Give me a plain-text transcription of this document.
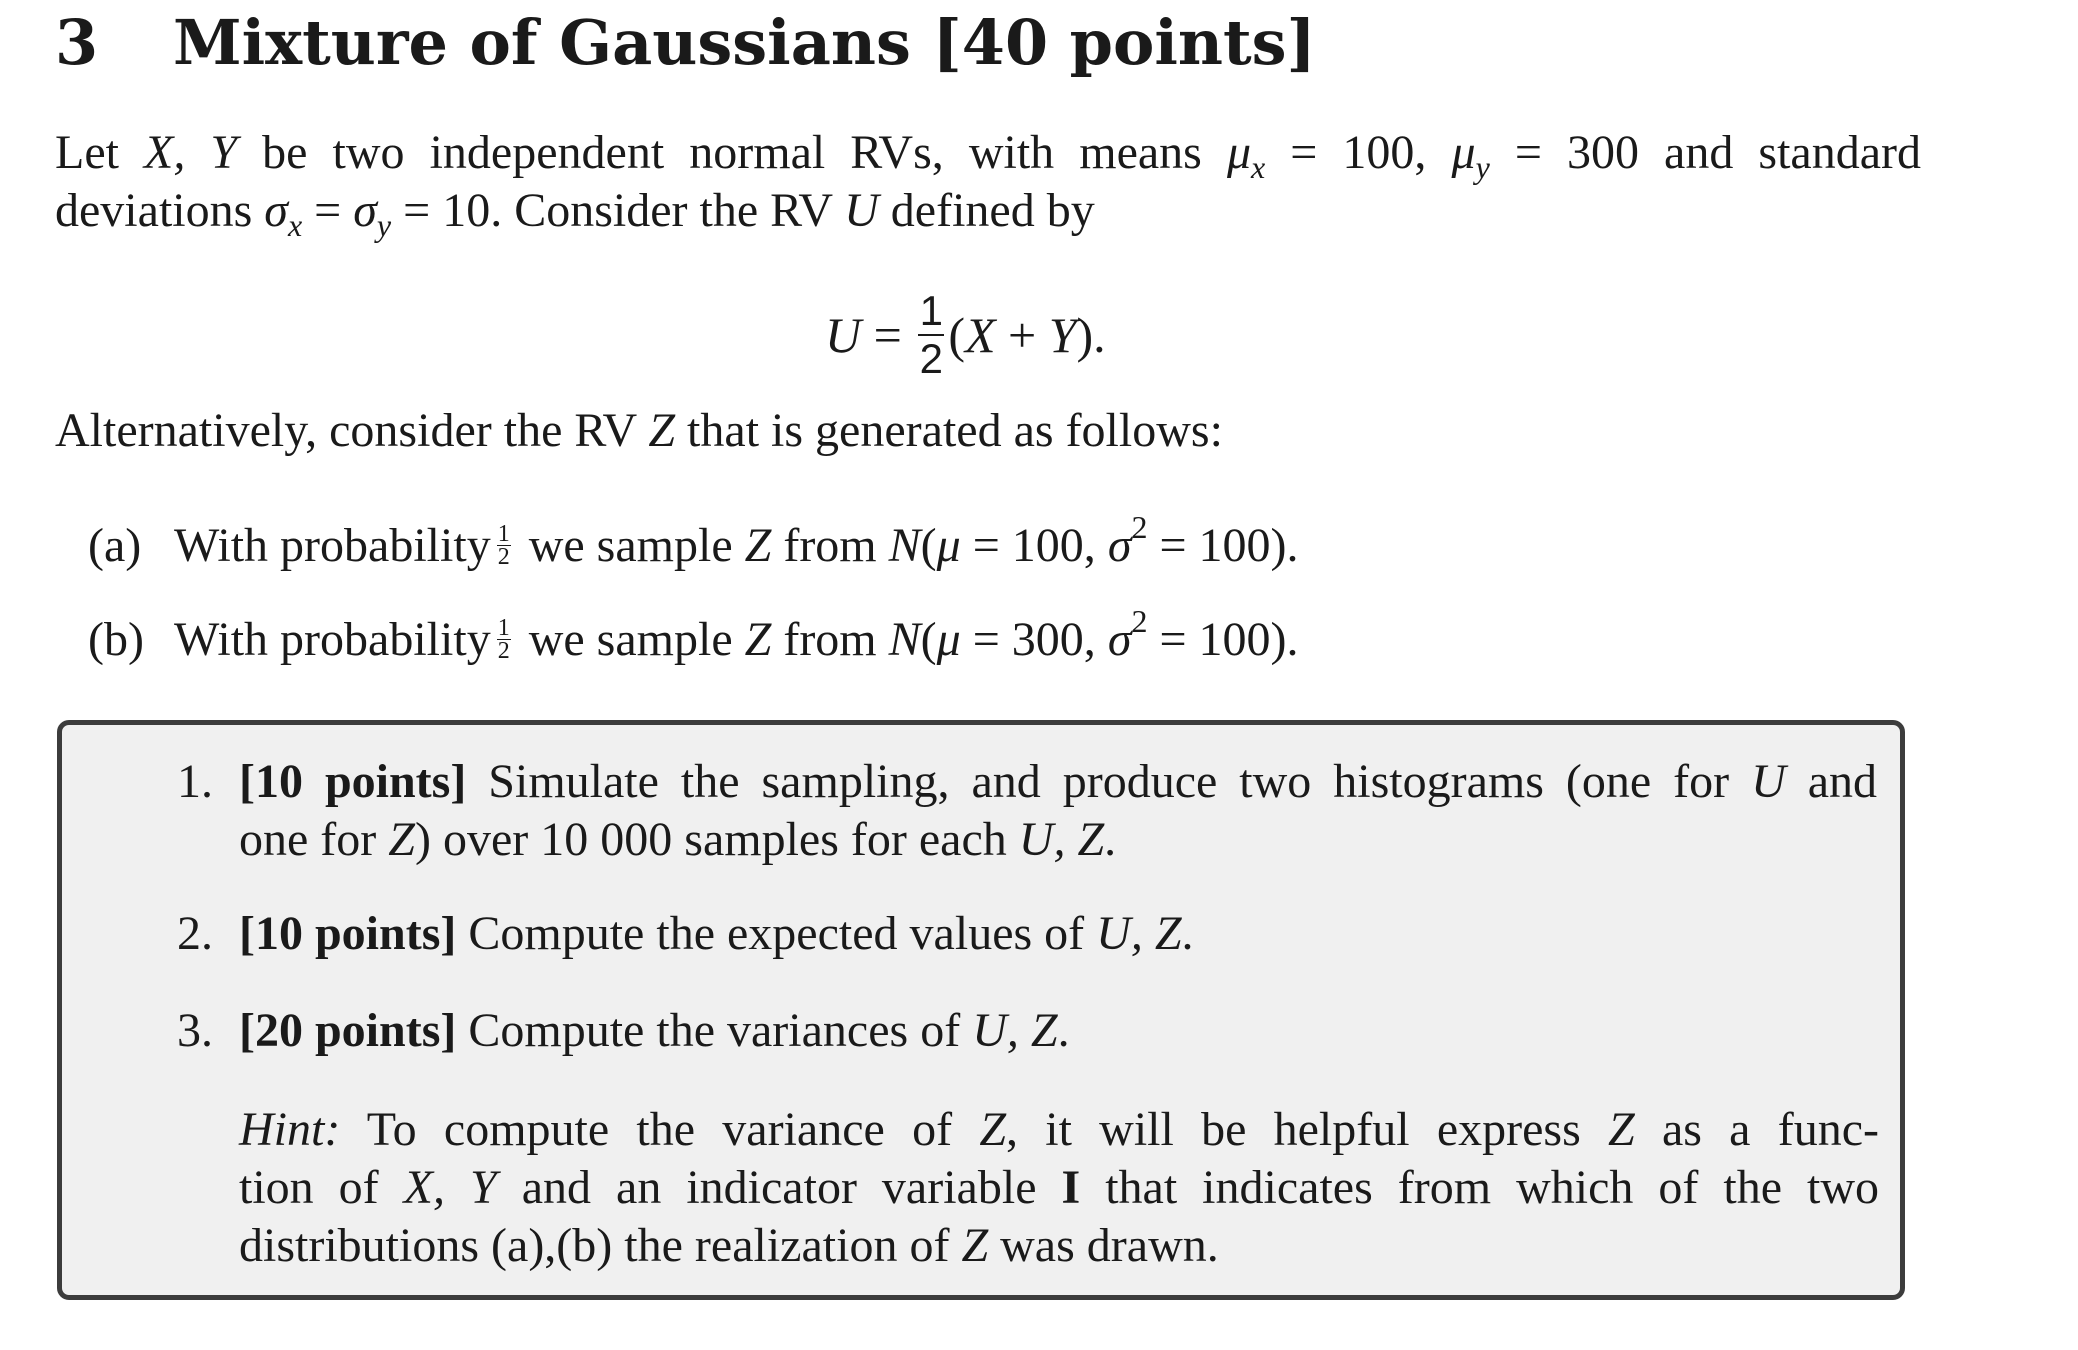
3	Mixture of Gaussians [40 points]
Let X, Y be two independent normal RVs, with means $\mu_x = 100$, $\mu_y = 300$ and standard
deviations $\sigma_x = \sigma_y = 10$. Consider the RV U defined by
$U = \frac{1}{2}$ ( X + Y ).
Alternatively, consider the RV Z that is generated as follows:
(a) With probability $\frac{1}{2}$ we sample Z from N ( μ = 100, σ 2 = 100).
(b) With probability $\frac{1}{2}$ we sample Z from N ( μ = 300, σ 2 = 100).
1. [10 points] Simulate the sampling, and produce two histograms (one for U and
one for Z) over 10 000 samples for each U, Z.
2. [10 points] Compute the expected values of U, Z.
3. [20 points] Compute the variances of U, Z.
Hint: To compute the variance of Z, it will be helpful express Z as a func-
tion of X, Y and an indicator variable I that indicates from which of the two
distributions (a),(b) the realization of Z was drawn.
